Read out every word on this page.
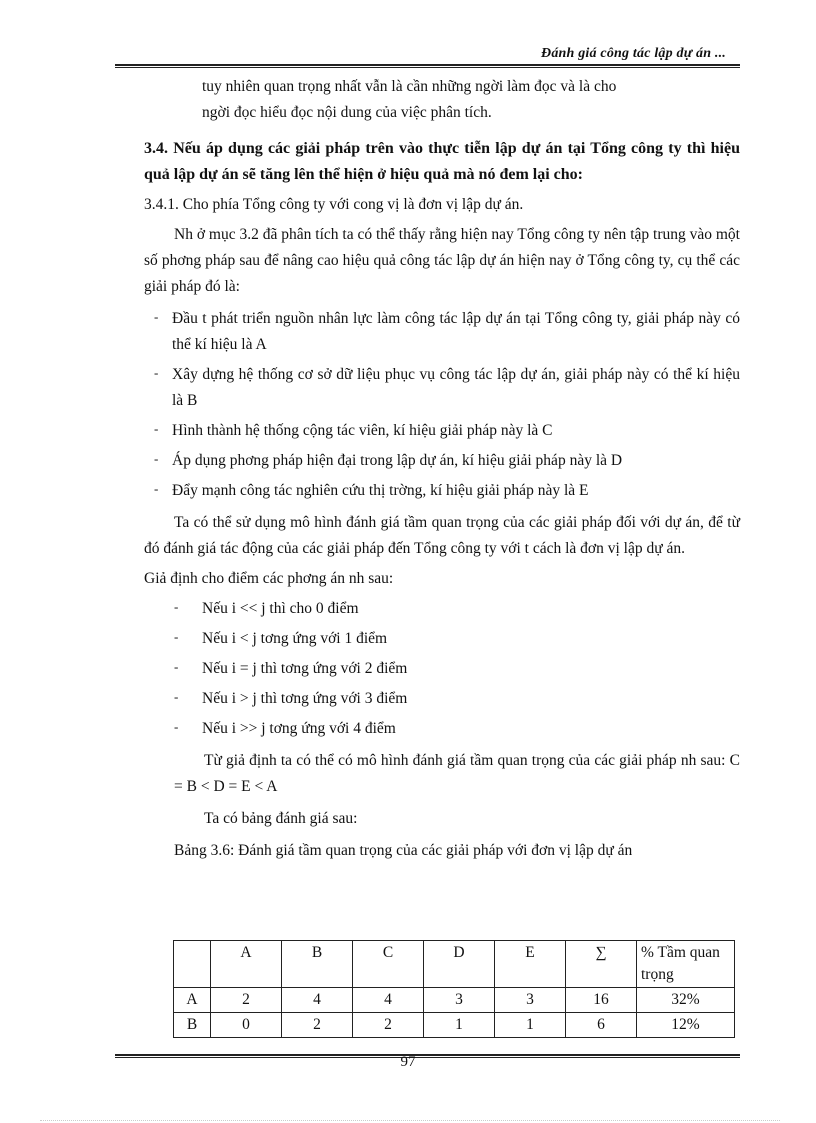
Đánh giá công tác lập dự án ...

tuy nhiên quan trọng nhất vẫn là cần những ngời làm đọc và là cho

ngời đọc hiểu đọc nội dung của việc phân tích.

3.4. Nếu áp dụng các giải pháp trên vào thực tiễn lập dự án tại Tổng công ty thì hiệu quả lập dự án sẽ tăng lên thể hiện ở hiệu quả mà nó đem lại cho:

3.4.1. Cho phía Tổng công ty với cong vị là đơn vị lập dự án.

Nh ở mục 3.2 đã phân tích ta có thể thấy rằng hiện nay Tổng công ty nên tập trung vào một số phơng pháp sau để nâng cao hiệu quả công tác lập dự án hiện nay ở Tổng công ty, cụ thể các giải pháp đó là:

- Đầu t phát triển nguồn nhân lực làm công tác lập dự án tại Tổng công ty, giải pháp này có thể kí hiệu là A
- Xây dựng hệ thống cơ sở dữ liệu phục vụ công tác lập dự án, giải pháp này có thể kí hiệu là B
- Hình thành hệ thống cộng tác viên, kí hiệu giải pháp này là C
- Áp dụng phơng pháp hiện đại trong lập dự án, kí hiệu giải pháp này là D
- Đẩy mạnh công tác nghiên cứu thị trờng, kí hiệu giải pháp này là E

Ta có thể sử dụng mô hình đánh giá tầm quan trọng của các giải pháp đối với dự án, để từ đó đánh giá tác động của các giải pháp đến Tổng công ty với t cách là đơn vị lập dự án.

Giả định cho điểm các phơng án nh sau:

- Nếu i << j thì cho 0 điểm
- Nếu i < j tơng ứng với 1 điểm
- Nếu i = j thì tơng ứng với 2 điểm
- Nếu i > j thì tơng ứng với 3 điểm
- Nếu i >> j tơng ứng với 4 điểm

Từ giả định ta có thể có mô hình đánh giá tầm quan trọng của các giải pháp nh sau: C = B < D = E < A

Ta có bảng đánh giá sau:

Bảng 3.6: Đánh giá tầm quan trọng của các giải pháp với đơn vị lập dự án

	A	B	C	D	E	∑	% Tầm quan trọng
A	2	4	4	3	3	16	32%
B	0	2	2	1	1	6	12%
97
